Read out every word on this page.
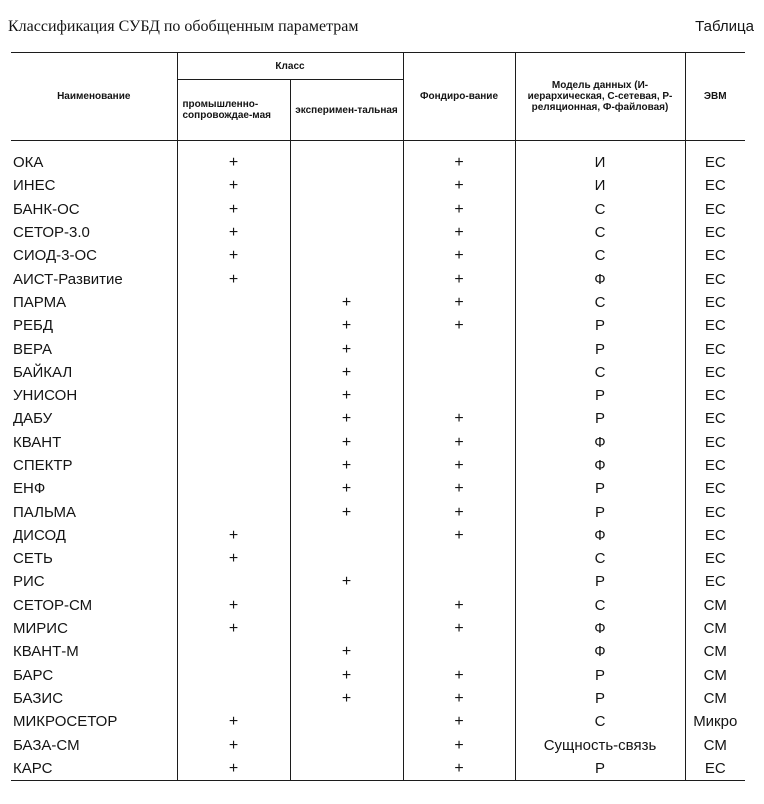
Классификация СУБД по обобщенным параметрам	Таблица
Наименование	Класс		Фондиро-вание	Модель данных (И-иерархическая, С-сетевая, Р-реляционная, Ф-файловая)	ЭВМ
	промышленно-сопровождае-мая	эксперимен-тальная			
ОКА	+		+	И	ЕС
ИНЕС	+		+	И	ЕС
БАНК-ОС	+		+	С	ЕС
СЕТОР-3.0	+		+	С	ЕС
СИОД-3-ОС	+		+	С	ЕС
АИСТ-Развитие	+		+	Ф	ЕС
ПАРМА		+	+	С	ЕС
РЕБД		+	+	Р	ЕС
ВЕРА		+		Р	ЕС
БАЙКАЛ		+		С	ЕС
УНИСОН		+		Р	ЕС
ДАБУ		+	+	Р	ЕС
КВАНТ		+	+	Ф	ЕС
СПЕКТР		+	+	Ф	ЕС
ЕНФ		+	+	Р	ЕС
ПАЛЬМА		+	+	Р	ЕС
ДИСОД	+		+	Ф	ЕС
СЕТЬ	+			С	ЕС
РИС		+		Р	ЕС
СЕТОР-СМ	+		+	С	СМ
МИРИС	+		+	Ф	СМ
КВАНТ-М		+		Ф	СМ
БАРС		+	+	Р	СМ
БАЗИС		+	+	Р	СМ
МИКРОСЕТОР	+		+	С	Микро
БАЗА-СМ	+		+	Сущность-связь	СМ
КАРС	+		+	Р	ЕС
